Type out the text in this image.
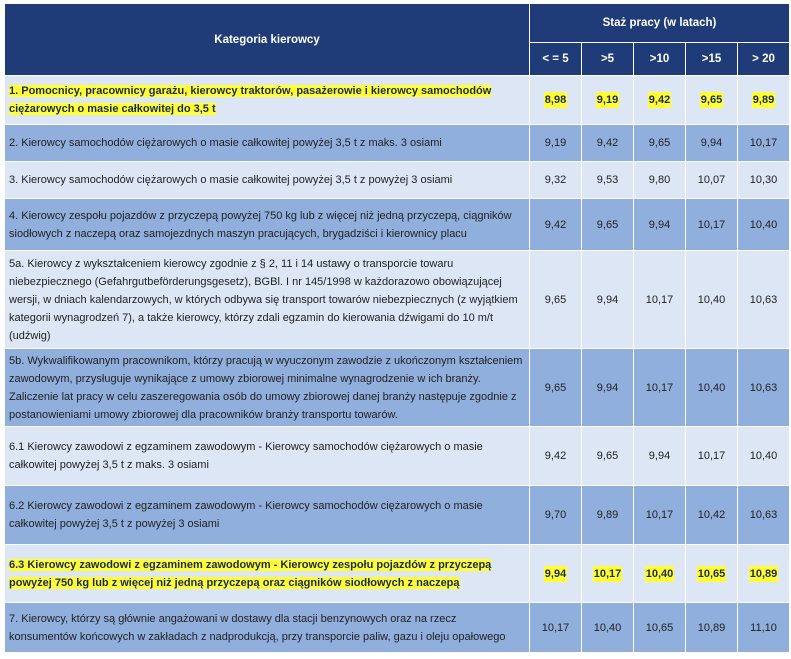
Kategoria kierowcy	Staż pracy (w latach)				
	< = 5	>5	>10	>15	> 20
1. Pomocnicy, pracownicy garażu, kierowcy traktorów, pasażerowie i kierowcy samochodów ciężarowych o masie całkowitej do 3,5 t	8,98	9,19	9,42	9,65	9,89
2. Kierowcy samochodów ciężarowych o masie całkowitej powyżej 3,5 t z maks. 3 osiami	9,19	9,42	9,65	9,94	10,17
3. Kierowcy samochodów ciężarowych o masie całkowitej powyżej 3,5 t z powyżej 3 osiami	9,32	9,53	9,80	10,07	10,30
4. Kierowcy zespołu pojazdów z przyczepą powyżej 750 kg lub z więcej niż jedną przyczepą, ciągników siodłowych z naczepą oraz samojezdnych maszyn pracujących, brygadziści i kierownicy placu	9,42	9,65	9,94	10,17	10,40
5a. Kierowcy z wykształceniem kierowcy zgodnie z § 2, 11 i 14 ustawy o transporcie towaru niebezpiecznego (Gefahrgutbeförderungsgesetz), BGBl. I nr 145/1998 w każdorazowo obowiązującej wersji, w dniach kalendarzowych, w których odbywa się transport towarów niebezpiecznych (z wyjątkiem kategorii wynagrodzeń 7), a także kierowcy, którzy zdali egzamin do kierowania dźwigami do 10 m/t (udźwig)	9,65	9,94	10,17	10,40	10,63
5b. Wykwalifikowanym pracownikom, którzy pracują w wyuczonym zawodzie z ukończonym kształceniem zawodowym, przysługuje wynikające z umowy zbiorowej minimalne wynagrodzenie w ich branży. Zaliczenie lat pracy w celu zaszeregowania osób do umowy zbiorowej danej branży następuje zgodnie z postanowieniami umowy zbiorowej dla pracowników branży transportu towarów.	9,65	9,94	10,17	10,40	10,63
6.1 Kierowcy zawodowi z egzaminem zawodowym - Kierowcy samochodów ciężarowych o masie całkowitej powyżej 3,5 t z maks. 3 osiami	9,42	9,65	9,94	10,17	10,40
6.2 Kierowcy zawodowi z egzaminem zawodowym - Kierowcy samochodów ciężarowych o masie całkowitej powyżej 3,5 t z powyżej 3 osiami	9,70	9,89	10,17	10,42	10,63
6.3 Kierowcy zawodowi z egzaminem zawodowym - Kierowcy zespołu pojazdów z przyczepą powyżej 750 kg lub z więcej niż jedną przyczepą oraz ciągników siodłowych z naczepą	9,94	10,17	10,40	10,65	10,89
7. Kierowcy, którzy są głównie angażowani w dostawy dla stacji benzynowych oraz na rzecz konsumentów końcowych w zakładach z nadprodukcją, przy transporcie paliw, gazu i oleju opałowego	10,17	10,40	10,65	10,89	11,10
